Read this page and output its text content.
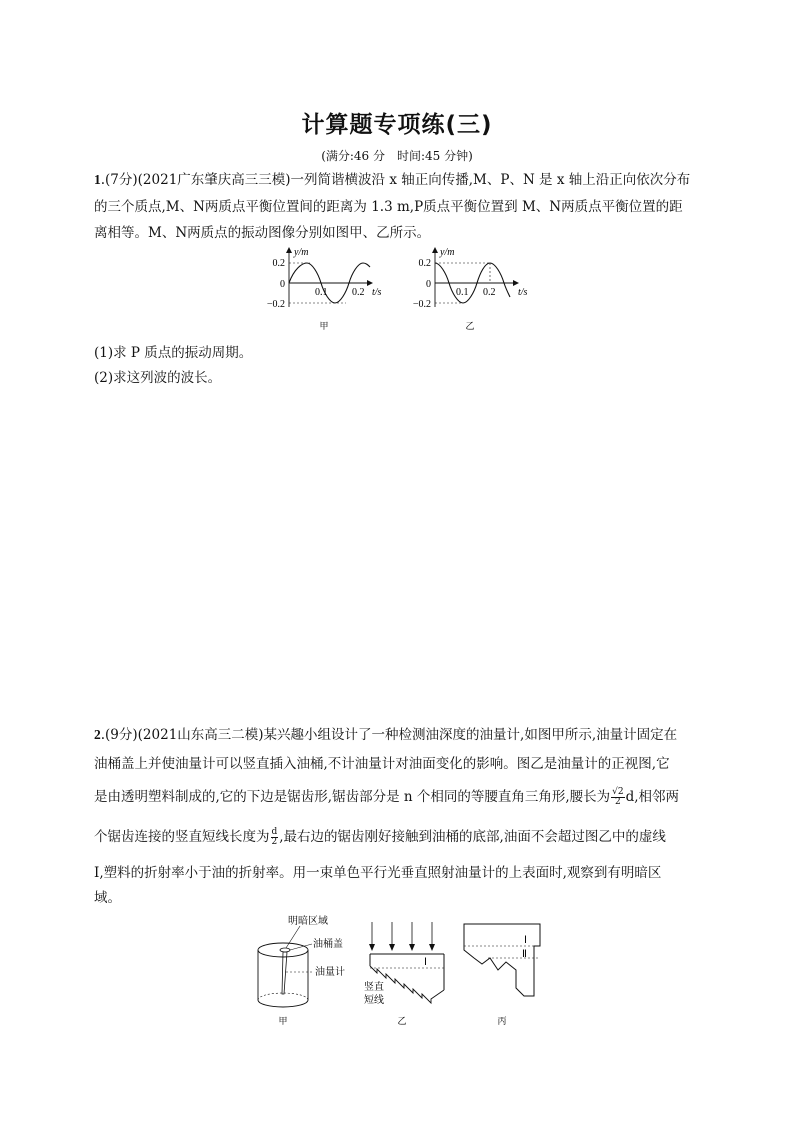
计算题专项练(三)
(满分:46 分　时间:45 分钟)
1.(7分)(2021广东肇庆高三三模)一列简谐横波沿 x 轴正向传播,M、P、N 是 x 轴上沿正向依次分布
的三个质点,M、N两质点平衡位置间的距离为 1.3 m,P质点平衡位置到 M、N两质点平衡位置的距
离相等。M、N两质点的振动图像分别如图甲、乙所示。
y/m
0.2
0
−0.2
0.1 0.2 t/s
甲
y/m
0.2
0
−0.2
0.1 0.2 t/s
乙
(1)求 P 质点的振动周期。
(2)求这列波的波长。
2.(9分)(2021山东高三二模)某兴趣小组设计了一种检测油深度的油量计,如图甲所示,油量计固定在
油桶盖上并使油量计可以竖直插入油桶,不计油量计对油面变化的影响。图乙是油量计的正视图,它
是由透明塑料制成的,它的下边是锯齿形,锯齿部分是 n 个相同的等腰直角三角形,腰长为 $\frac{√2}{2} d$,相邻两
个锯齿连接的竖直短线长度为 $\frac{d}{2}$ ,最右边的锯齿刚好接触到油桶的底部,油面不会超过图乙中的虚线
Ⅰ,塑料的折射率小于油的折射率。用一束单色平行光垂直照射油量计的上表面时,观察到有明暗区
域。
明暗区域
油桶盖
油量计
甲
Ⅰ
竖直
短线
乙
Ⅰ
Ⅱ
丙
